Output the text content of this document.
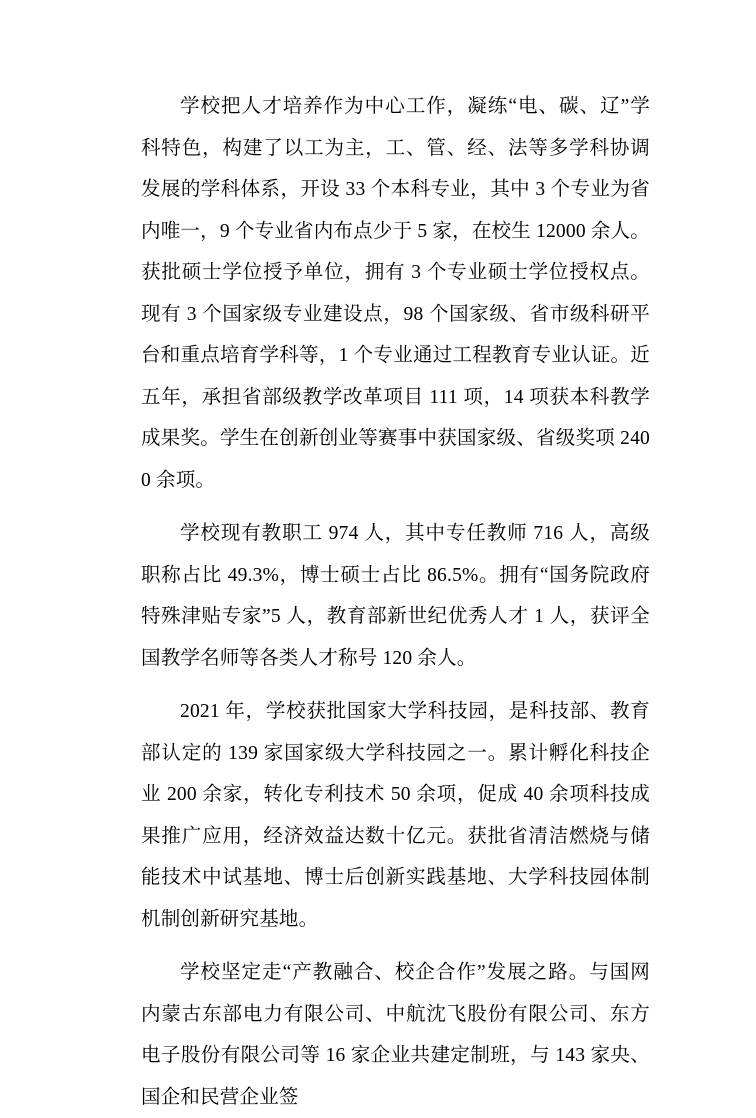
学校把人才培养作为中心工作，凝练“电、碳、辽”学科特色，构建了以工为主，工、管、经、法等多学科协调发展的学科体系，开设 33 个本科专业，其中 3 个专业为省内唯一，9 个专业省内布点少于 5 家，在校生 12000 余人。获批硕士学位授予单位，拥有 3 个专业硕士学位授权点。现有 3 个国家级专业建设点，98 个国家级、省市级科研平台和重点培育学科等，1 个专业通过工程教育专业认证。近五年，承担省部级教学改革项目 111 项，14 项获本科教学成果奖。学生在创新创业等赛事中获国家级、省级奖项 2400 余项。

学校现有教职工 974 人，其中专任教师 716 人，高级职称占比 49.3%，博士硕士占比 86.5%。拥有“国务院政府特殊津贴专家”5 人，教育部新世纪优秀人才 1 人，获评全国教学名师等各类人才称号 120 余人。

2021 年，学校获批国家大学科技园，是科技部、教育部认定的 139 家国家级大学科技园之一。累计孵化科技企业 200 余家，转化专利技术 50 余项，促成 40 余项科技成果推广应用，经济效益达数十亿元。获批省清洁燃烧与储能技术中试基地、博士后创新实践基地、大学科技园体制机制创新研究基地。

学校坚定走“产教融合、校企合作”发展之路。与国网内蒙古东部电力有限公司、中航沈飞股份有限公司、东方电子股份有限公司等 16 家企业共建定制班，与 143 家央、国企和民营企业签
